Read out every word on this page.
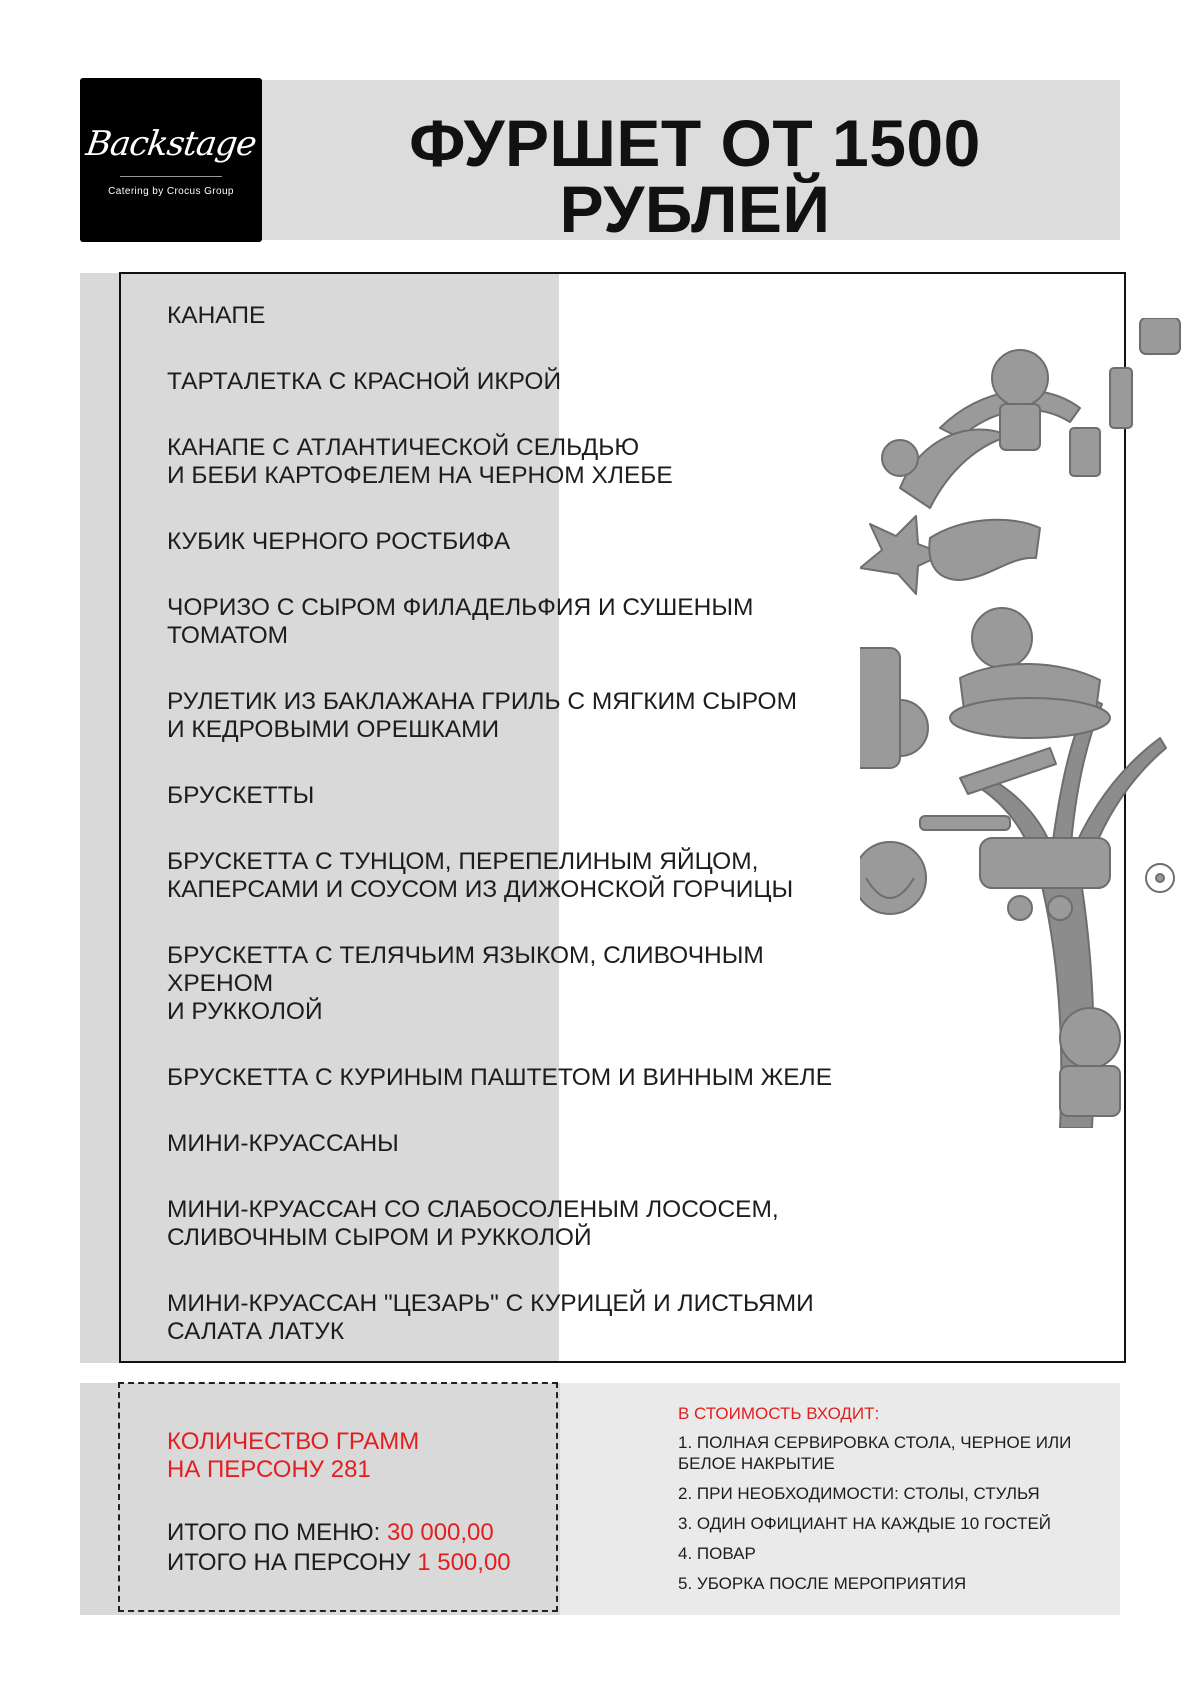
Backstage
Catering by Crocus Group
ФУРШЕТ ОТ 1500 РУБЛЕЙ
КАНАПЕ
ТАРТАЛЕТКА С КРАСНОЙ ИКРОЙ
КАНАПЕ С АТЛАНТИЧЕСКОЙ СЕЛЬДЬЮ
И БЕБИ КАРТОФЕЛЕМ НА ЧЕРНОМ ХЛЕБЕ
КУБИК ЧЕРНОГО РОСТБИФА
ЧОРИЗО С СЫРОМ ФИЛАДЕЛЬФИЯ И СУШЕНЫМ ТОМАТОМ
РУЛЕТИК ИЗ БАКЛАЖАНА ГРИЛЬ С МЯГКИМ СЫРОМ
И КЕДРОВЫМИ ОРЕШКАМИ
БРУСКЕТТЫ
БРУСКЕТТА С ТУНЦОМ, ПЕРЕПЕЛИНЫМ ЯЙЦОМ,
КАПЕРСАМИ И СОУСОМ ИЗ ДИЖОНСКОЙ ГОРЧИЦЫ
БРУСКЕТТА С ТЕЛЯЧЬИМ ЯЗЫКОМ, СЛИВОЧНЫМ ХРЕНОМ
И РУККОЛОЙ
БРУСКЕТТА С КУРИНЫМ ПАШТЕТОМ И ВИННЫМ ЖЕЛЕ
МИНИ-КРУАССАНЫ
МИНИ-КРУАССАН СО СЛАБОСОЛЕНЫМ ЛОСОСЕМ,
СЛИВОЧНЫМ СЫРОМ И РУККОЛОЙ
МИНИ-КРУАССАН "ЦЕЗАРЬ" С КУРИЦЕЙ И ЛИСТЬЯМИ
САЛАТА ЛАТУК
КОЛИЧЕСТВО ГРАММ
НА ПЕРСОНУ 281
ИТОГО ПО МЕНЮ: 30 000,00
ИТОГО НА ПЕРСОНУ 1 500,00
В СТОИМОСТЬ ВХОДИТ:
1. ПОЛНАЯ СЕРВИРОВКА СТОЛА, ЧЕРНОЕ ИЛИ БЕЛОЕ НАКРЫТИЕ
2. ПРИ НЕОБХОДИМОСТИ: СТОЛЫ, СТУЛЬЯ
3. ОДИН ОФИЦИАНТ НА КАЖДЫЕ 10 ГОСТЕЙ
4. ПОВАР
5. УБОРКА ПОСЛЕ МЕРОПРИЯТИЯ
